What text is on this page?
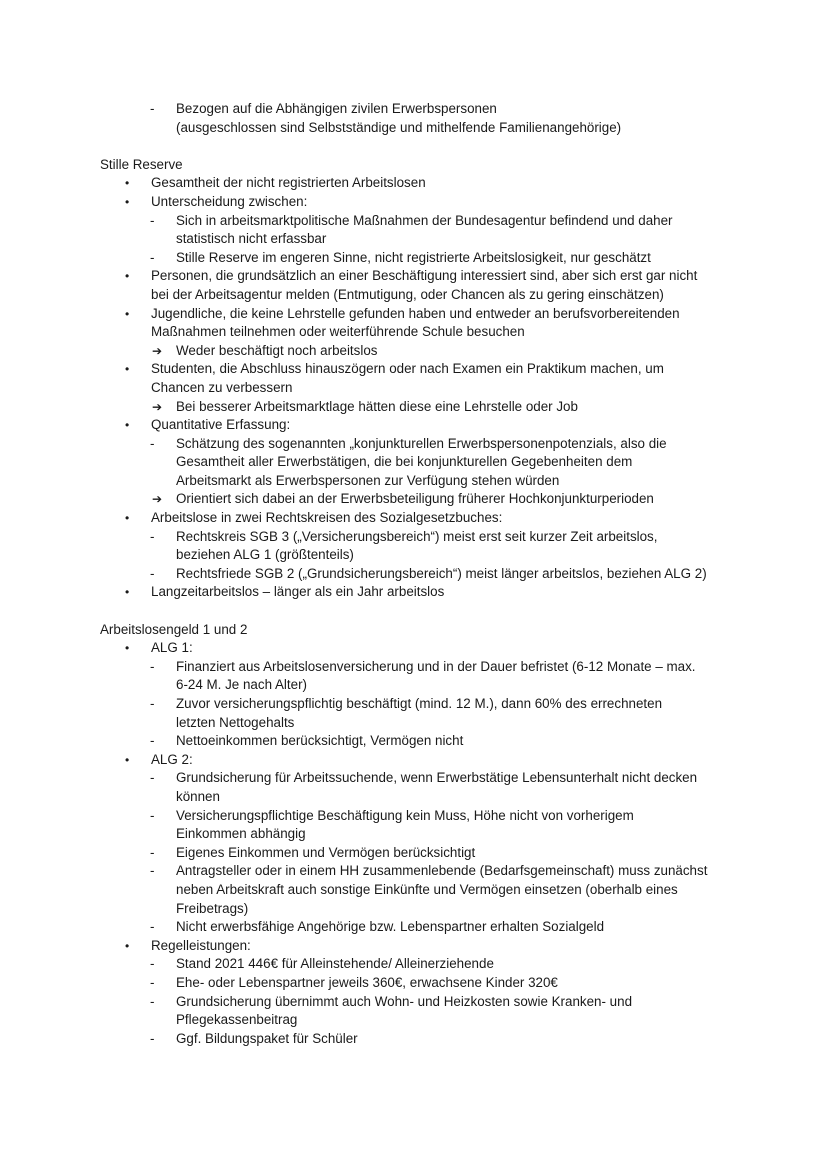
- Bezogen auf die Abhängigen zivilen Erwerbspersonen
(ausgeschlossen sind Selbstständige und mithelfende Familienangehörige)
Stille Reserve
• Gesamtheit der nicht registrierten Arbeitslosen
• Unterscheidung zwischen:
- Sich in arbeitsmarktpolitische Maßnahmen der Bundesagentur befindend und daher
statistisch nicht erfassbar
- Stille Reserve im engeren Sinne, nicht registrierte Arbeitslosigkeit, nur geschätzt
• Personen, die grundsätzlich an einer Beschäftigung interessiert sind, aber sich erst gar nicht
bei der Arbeitsagentur melden (Entmutigung, oder Chancen als zu gering einschätzen)
• Jugendliche, die keine Lehrstelle gefunden haben und entweder an berufsvorbereitenden
Maßnahmen teilnehmen oder weiterführende Schule besuchen
➔ Weder beschäftigt noch arbeitslos
• Studenten, die Abschluss hinauszögern oder nach Examen ein Praktikum machen, um
Chancen zu verbessern
➔ Bei besserer Arbeitsmarktlage hätten diese eine Lehrstelle oder Job
• Quantitative Erfassung:
- Schätzung des sogenannten „konjunkturellen Erwerbspersonenpotenzials, also die
Gesamtheit aller Erwerbstätigen, die bei konjunkturellen Gegebenheiten dem
Arbeitsmarkt als Erwerbspersonen zur Verfügung stehen würden
➔ Orientiert sich dabei an der Erwerbsbeteiligung früherer Hochkonjunkturperioden
• Arbeitslose in zwei Rechtskreisen des Sozialgesetzbuches:
- Rechtskreis SGB 3 („Versicherungsbereich“) meist erst seit kurzer Zeit arbeitslos,
beziehen ALG 1 (größtenteils)
- Rechtsfriede SGB 2 („Grundsicherungsbereich“) meist länger arbeitslos, beziehen ALG 2)
• Langzeitarbeitslos – länger als ein Jahr arbeitslos
Arbeitslosengeld 1 und 2
• ALG 1:
- Finanziert aus Arbeitslosenversicherung und in der Dauer befristet (6-12 Monate – max.
6-24 M. Je nach Alter)
- Zuvor versicherungspflichtig beschäftigt (mind. 12 M.), dann 60% des errechneten
letzten Nettogehalts
- Nettoeinkommen berücksichtigt, Vermögen nicht
• ALG 2:
- Grundsicherung für Arbeitssuchende, wenn Erwerbstätige Lebensunterhalt nicht decken
können
- Versicherungspflichtige Beschäftigung kein Muss, Höhe nicht von vorherigem
Einkommen abhängig
- Eigenes Einkommen und Vermögen berücksichtigt
- Antragsteller oder in einem HH zusammenlebende (Bedarfsgemeinschaft) muss zunächst
neben Arbeitskraft auch sonstige Einkünfte und Vermögen einsetzen (oberhalb eines
Freibetrags)
- Nicht erwerbsfähige Angehörige bzw. Lebenspartner erhalten Sozialgeld
• Regelleistungen:
- Stand 2021 446€ für Alleinstehende/ Alleinerziehende
- Ehe- oder Lebenspartner jeweils 360€, erwachsene Kinder 320€
- Grundsicherung übernimmt auch Wohn- und Heizkosten sowie Kranken- und
Pflegekassenbeitrag
- Ggf. Bildungspaket für Schüler
